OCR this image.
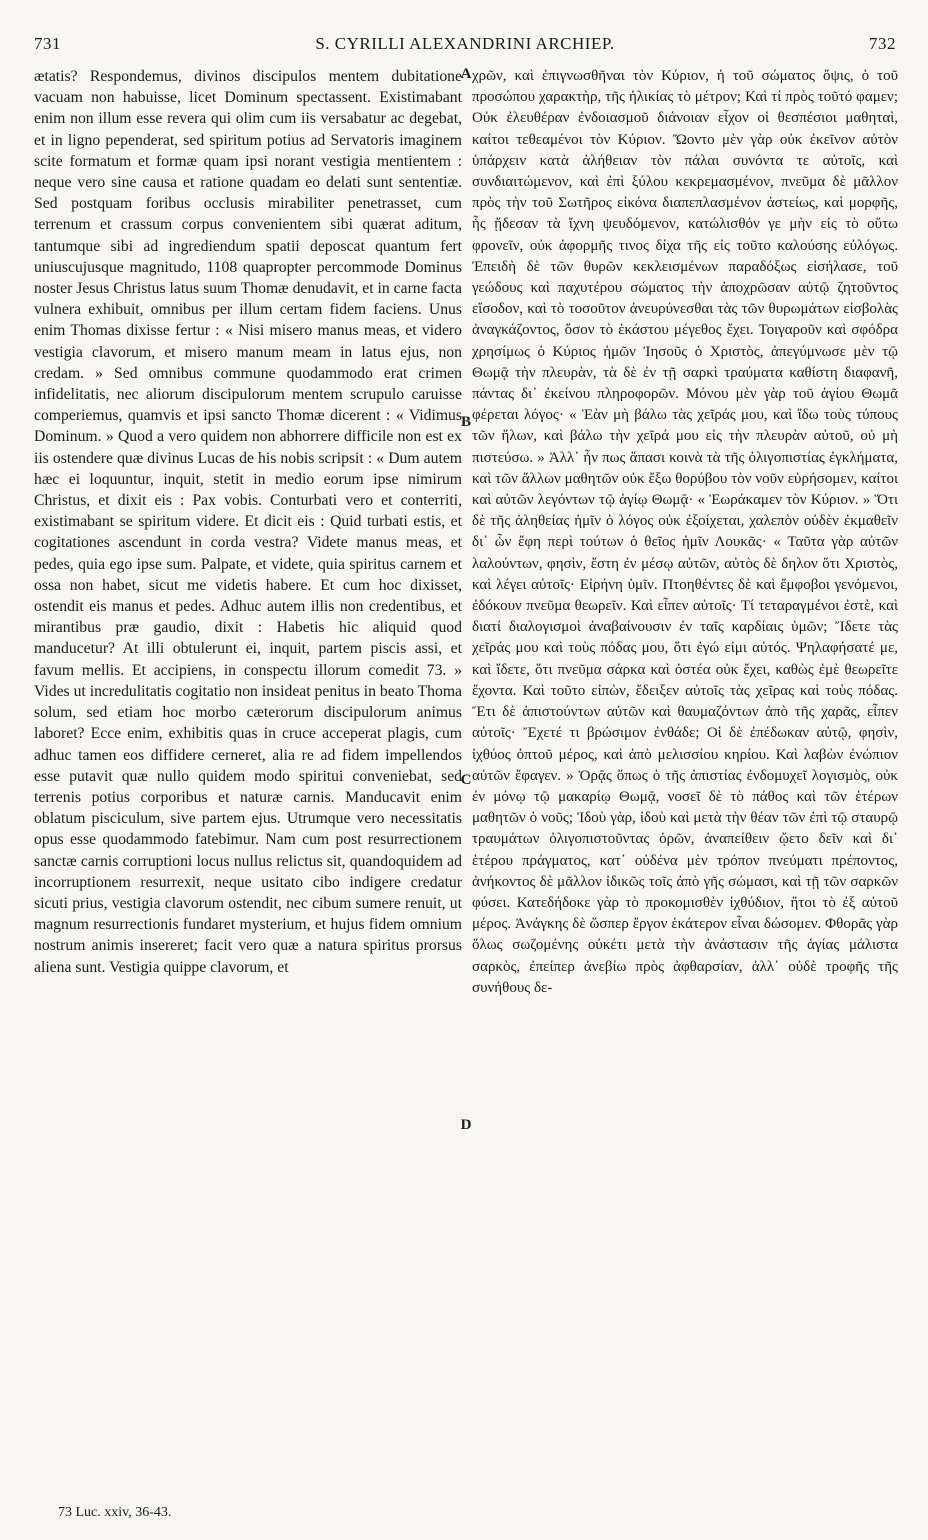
731	S. CYRILLI ALEXANDRINI ARCHIEP.	732
ætatis? Respondemus, divinos discipulos mentem dubitatione vacuam non habuisse, licet Dominum spectassent. Existimabant enim non illum esse revera qui olim cum iis versabatur ac degebat, et in ligno pependerat, sed spiritum potius ad Servatoris imaginem scite formatum et formæ quam ipsi norant vestigia mentientem : neque vero sine causa et ratione quadam eo delati sunt sententiæ. Sed postquam foribus occlusis mirabiliter penetrasset, cum terrenum et crassum corpus convenientem sibi quærat aditum, tantumque sibi ad ingrediendum spatii deposcat quantum fert uniuscujusque magnitudo, 1108 quapropter percommode Dominus noster Jesus Christus latus suum Thomæ denudavit, et in carne facta vulnera exhibuit, omnibus per illum certam fidem faciens. Unus enim Thomas dixisse fertur : « Nisi misero manus meas, et videro vestigia clavorum, et misero manum meam in latus ejus, non credam. » Sed omnibus commune quodammodo erat crimen infidelitatis, nec aliorum discipulorum mentem scrupulo caruisse comperiemus, quamvis et ipsi sancto Thomæ dicerent : « Vidimus Dominum. » Quod a vero quidem non abhorrere difficile non est ex iis ostendere quæ divinus Lucas de his nobis scripsit : « Dum autem hæc ei loquuntur, inquit, stetit in medio eorum ipse nimirum Christus, et dixit eis : Pax vobis. Conturbati vero et conterriti, existimabant se spiritum videre. Et dicit eis : Quid turbati estis, et cogitationes ascendunt in corda vestra? Videte manus meas, et pedes, quia ego ipse sum. Palpate, et videte, quia spiritus carnem et ossa non habet, sicut me videtis habere. Et cum hoc dixisset, ostendit eis manus et pedes. Adhuc autem illis non credentibus, et mirantibus præ gaudio, dixit : Habetis hic aliquid quod manducetur? At illi obtulerunt ei, inquit, partem piscis assi, et favum mellis. Et accipiens, in conspectu illorum comedit 73. » Vides ut incredulitatis cogitatio non insideat penitus in beato Thoma solum, sed etiam hoc morbo cæterorum discipulorum animus laboret? Ecce enim, exhibitis quas in cruce acceperat plagis, cum adhuc tamen eos diffidere cerneret, alia re ad fidem impellendos esse putavit quæ nullo quidem modo spiritui conveniebat, sed terrenis potius corporibus et naturæ carnis. Manducavit enim oblatum pisciculum, sive partem ejus. Utrumque vero necessitatis opus esse quodammodo fatebimur. Nam cum post resurrectionem sanctæ carnis corruptioni locus nullus relictus sit, quandoquidem ad incorruptionem resurrexit, neque usitato cibo indigere credatur sicuti prius, vestigia clavorum ostendit, nec cibum sumere renuit, ut magnum resurrectionis fundaret mysterium, et hujus fidem omnium nostrum animis insereret; facit vero quæ a natura spiritus prorsus aliena sunt. Vestigia quippe clavorum, et
A
B
C
D
χρῶν, καὶ ἐπιγνωσθῆναι τὸν Κύριον, ἡ τοῦ σώματος ὄψις, ὁ τοῦ προσώπου χαρακτὴρ, τῆς ἡλικίας τὸ μέτρον; Καὶ τί πρὸς τοῦτό φαμεν; Οὐκ ἐλευθέραν ἐνδοιασμοῦ διάνοιαν εἶχον οἱ θεσπέσιοι μαθηταὶ, καίτοι τεθεαμένοι τὸν Κύριον. Ὤοντο μὲν γὰρ οὐκ ἐκεῖνον αὐτὸν ὑπάρχειν κατὰ ἀλήθειαν τὸν πάλαι συνόντα τε αὐτοῖς, καὶ συνδιαιτώμενον, καὶ ἐπὶ ξύλου κεκρεμασμένον, πνεῦμα δὲ μᾶλλον πρὸς τὴν τοῦ Σωτῆρος εἰκόνα διαπεπλασμένον ἀστείως, καὶ μορφῆς, ἧς ᾔδεσαν τὰ ἴχνη ψευδόμενον, κατώλισθόν γε μὴν εἰς τὸ οὕτω φρονεῖν, οὐκ ἀφορμῆς τινος δίχα τῆς εἰς τοῦτο καλούσης εὐλόγως. Ἐπειδὴ δὲ τῶν θυρῶν κεκλεισμένων παραδόξως εἰσήλασε, τοῦ γεώδους καὶ παχυτέρου σώματος τὴν ἀποχρῶσαν αὐτῷ ζητοῦντος εἴσοδον, καὶ τὸ τοσοῦτον ἀνευρύνεσθαι τὰς τῶν θυρωμάτων εἰσβολὰς ἀναγκάζοντος, ὅσον τὸ ἑκάστου μέγεθος ἔχει. Τοιγαροῦν καὶ σφόδρα χρησίμως ὁ Κύριος ἡμῶν Ἰησοῦς ὁ Χριστὸς, ἀπεγύμνωσε μὲν τῷ Θωμᾷ τὴν πλευρὰν, τὰ δὲ ἐν τῇ σαρκὶ τραύματα καθίστη διαφανῆ, πάντας δι᾽ ἐκείνου πληροφορῶν. Μόνου μὲν γὰρ τοῦ ἁγίου Θωμᾶ φέρεται λόγος· « Ἐὰν μὴ βάλω τὰς χεῖράς μου, καὶ ἴδω τοὺς τύπους τῶν ἥλων, καὶ βάλω τὴν χεῖρά μου εἰς τὴν πλευρὰν αὐτοῦ, οὐ μὴ πιστεύσω. » Ἀλλ᾽ ἦν πως ἅπασι κοινὰ τὰ τῆς ὀλιγοπιστίας ἐγκλήματα, καὶ τῶν ἄλλων μαθητῶν οὐκ ἔξω θορύβου τὸν νοῦν εὑρήσομεν, καίτοι καὶ αὐτῶν λεγόντων τῷ ἁγίῳ Θωμᾷ· « Ἑωράκαμεν τὸν Κύριον. » Ὅτι δὲ τῆς ἀληθείας ἡμῖν ὁ λόγος οὐκ ἐξοίχεται, χαλεπὸν οὐδὲν ἐκμαθεῖν δι᾽ ὧν ἔφη περὶ τούτων ὁ θεῖος ἡμῖν Λουκᾶς· « Ταῦτα γὰρ αὐτῶν λαλούντων, φησὶν, ἔστη ἐν μέσῳ αὐτῶν, αὐτὸς δὲ δηλον ὅτι Χριστὸς, καὶ λέγει αὐτοῖς· Εἰρήνη ὑμῖν. Πτοηθέντες δὲ καὶ ἔμφοβοι γενόμενοι, ἐδόκουν πνεῦμα θεωρεῖν. Καὶ εἶπεν αὐτοῖς· Τί τεταραγμένοι ἐστὲ, καὶ διατί διαλογισμοὶ ἀναβαίνουσιν ἐν ταῖς καρδίαις ὑμῶν; Ἴδετε τὰς χεῖράς μου καὶ τοὺς πόδας μου, ὅτι ἐγώ εἰμι αὐτός. Ψηλαφήσατέ με, καὶ ἴδετε, ὅτι πνεῦμα σάρκα καὶ ὀστέα οὐκ ἔχει, καθὼς ἐμὲ θεωρεῖτε ἔχοντα. Καὶ τοῦτο εἰπὼν, ἔδειξεν αὐτοῖς τὰς χεῖρας καὶ τοὺς πόδας. Ἔτι δὲ ἀπιστούντων αὐτῶν καὶ θαυμαζόντων ἀπὸ τῆς χαρᾶς, εἶπεν αὐτοῖς· Ἔχετέ τι βρώσιμον ἐνθάδε; Οἱ δὲ ἐπέδωκαν αὐτῷ, φησὶν, ἰχθύος ὀπτοῦ μέρος, καὶ ἀπὸ μελισσίου κηρίου. Καὶ λαβὼν ἐνώπιον αὐτῶν ἔφαγεν. » Ὁρᾷς ὅπως ὁ τῆς ἀπιστίας ἐνδομυχεῖ λογισμὸς, οὐκ ἐν μόνῳ τῷ μακαρίῳ Θωμᾷ, νοσεῖ δὲ τὸ πάθος καὶ τῶν ἑτέρων μαθητῶν ὁ νοῦς; Ἰδοὺ γὰρ, ἰδοὺ καὶ μετὰ τὴν θέαν τῶν ἐπὶ τῷ σταυρῷ τραυμάτων ὀλιγοπιστοῦντας ὁρῶν, ἀναπείθειν ᾤετο δεῖν καὶ δι᾽ ἑτέρου πράγματος, κατ᾽ οὐδένα μὲν τρόπον πνεύματι πρέποντος, ἀνήκοντος δὲ μᾶλλον ἰδικῶς τοῖς ἀπὸ γῆς σώμασι, καὶ τῇ τῶν σαρκῶν φύσει. Κατεδήδοκε γὰρ τὸ προκομισθὲν ἰχθύδιον, ἤτοι τὸ ἐξ αὐτοῦ μέρος. Ἀνάγκης δὲ ὥσπερ ἔργον ἑκάτερον εἶναι δώσομεν. Φθορᾶς γὰρ ὅλως σωζομένης οὐκέτι μετὰ τὴν ἀνάστασιν τῆς ἁγίας μάλιστα σαρκὸς, ἐπείπερ ἀνεβίω πρὸς ἀφθαρσίαν, ἀλλ᾽ οὐδὲ τροφῆς τῆς συνήθους δε-
73 Luc. xxiv, 36-43.
